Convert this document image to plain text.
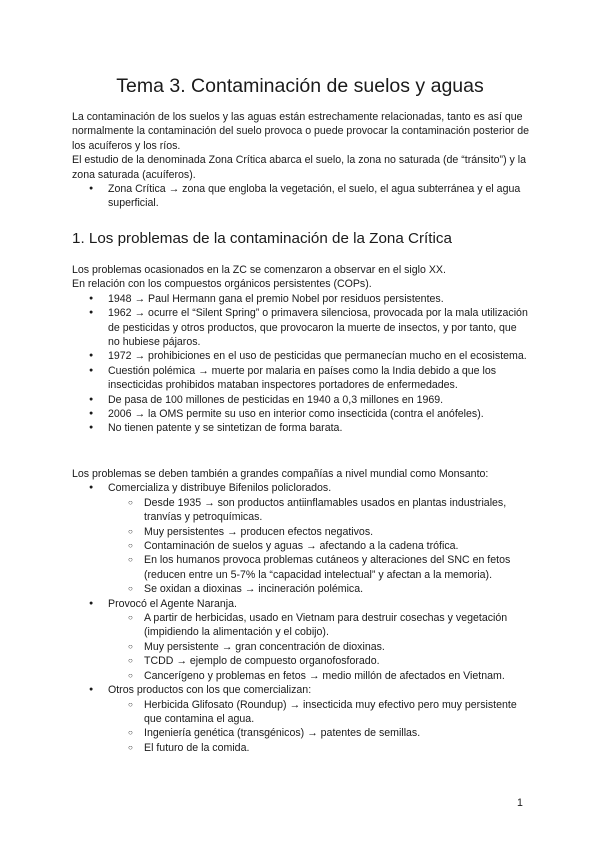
Tema 3. Contaminación de suelos y aguas

La contaminación de los suelos y las aguas están estrechamente relacionadas, tanto es así que normalmente la contaminación del suelo provoca o puede provocar la contaminación posterior de los acuíferos y los ríos.

El estudio de la denominada Zona Crítica abarca el suelo, la zona no saturada (de “tránsito”) y la zona saturada (acuíferos).

● Zona Crítica → zona que engloba la vegetación, el suelo, el agua subterránea y el agua superficial.
1. Los problemas de la contaminación de la Zona Crítica

Los problemas ocasionados en la ZC se comenzaron a observar en el siglo XX.

En relación con los compuestos orgánicos persistentes (COPs).

● 1948 → Paul Hermann gana el premio Nobel por residuos persistentes.
● 1962 → ocurre el “Silent Spring” o primavera silenciosa, provocada por la mala utilización de pesticidas y otros productos, que provocaron la muerte de insectos, y por tanto, que no hubiese pájaros.
● 1972 → prohibiciones en el uso de pesticidas que permanecían mucho en el ecosistema.
● Cuestión polémica → muerte por malaria en países como la India debido a que los insecticidas prohibidos mataban inspectores portadores de enfermedades.
● De pasa de 100 millones de pesticidas en 1940 a 0,3 millones en 1969.
● 2006 → la OMS permite su uso en interior como insecticida (contra el anófeles).
● No tienen patente y se sintetizan de forma barata.

Los problemas se deben también a grandes compañías a nivel mundial como Monsanto:

● Comercializa y distribuye Bifenilos policlorados.
○ Desde 1935 → son productos antiinflamables usados en plantas industriales, tranvías y petroquímicas.
○ Muy persistentes → producen efectos negativos.
○ Contaminación de suelos y aguas → afectando a la cadena trófica.
○ En los humanos provoca problemas cutáneos y alteraciones del SNC en fetos (reducen entre un 5-7% la “capacidad intelectual” y afectan a la memoria).
○ Se oxidan a dioxinas → incineración polémica.
● Provocó el Agente Naranja.
○ A partir de herbicidas, usado en Vietnam para destruir cosechas y vegetación (impidiendo la alimentación y el cobijo).
○ Muy persistente → gran concentración de dioxinas.
○ TCDD → ejemplo de compuesto organofosforado.
○ Cancerígeno y problemas en fetos → medio millón de afectados en Vietnam.
● Otros productos con los que comercializan:
○ Herbicida Glifosato (Roundup) → insecticida muy efectivo pero muy persistente que contamina el agua.
○ Ingeniería genética (transgénicos) → patentes de semillas.
○ El futuro de la comida.
1
